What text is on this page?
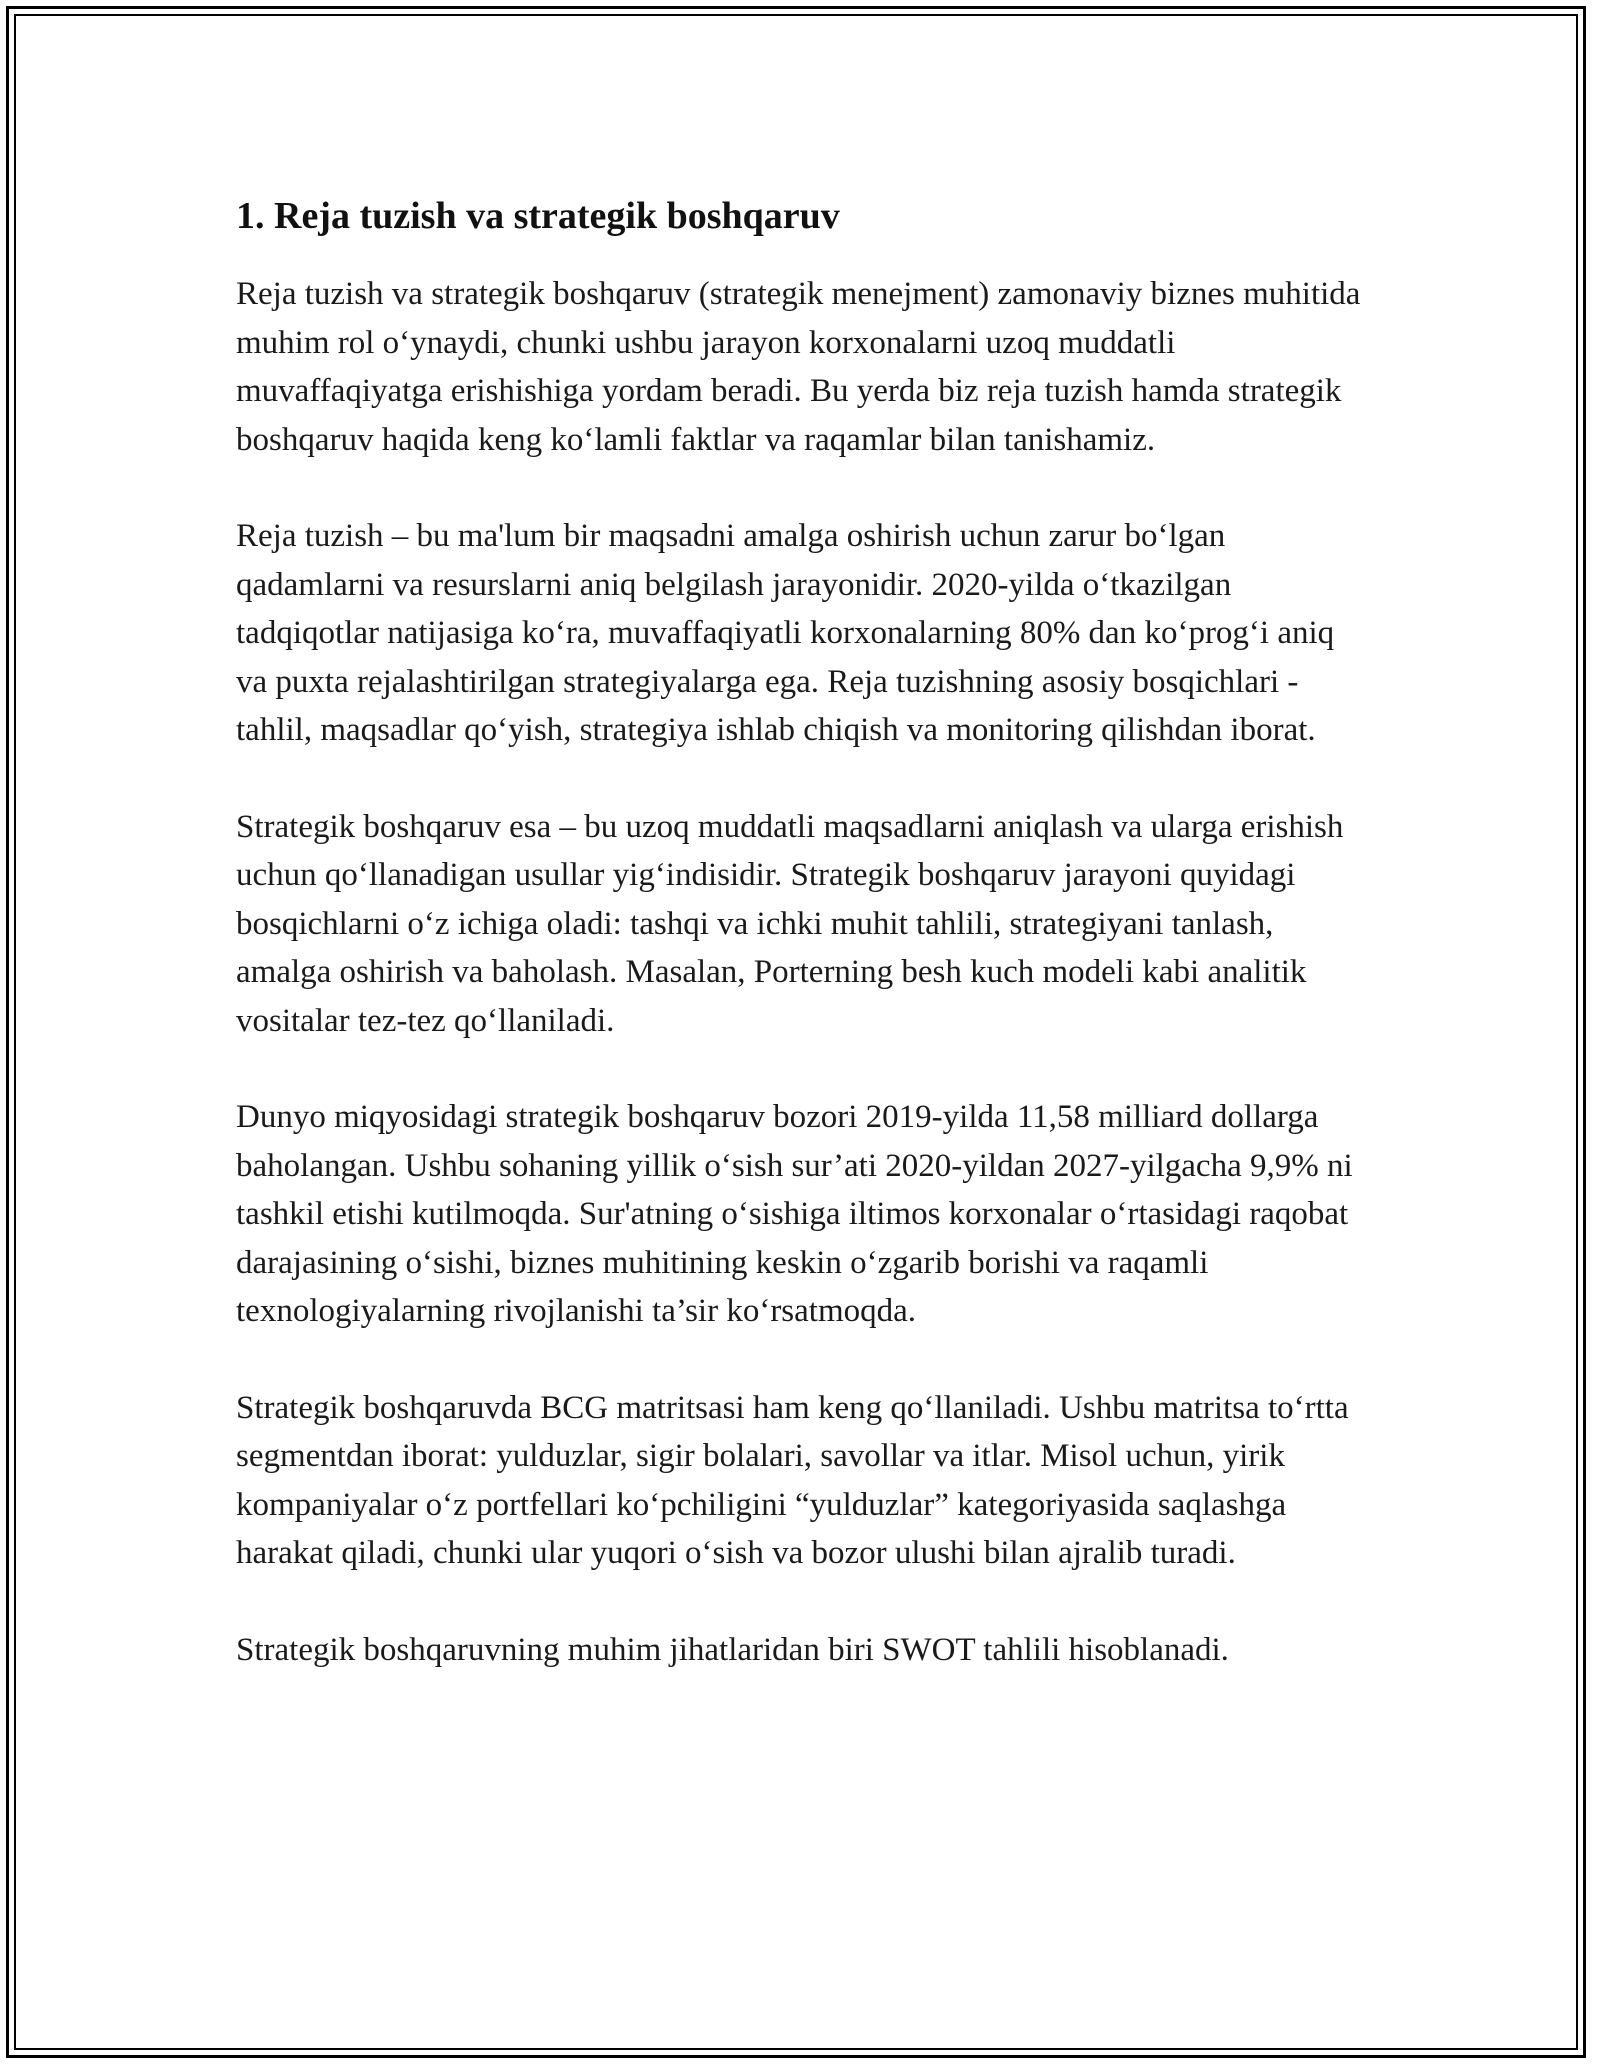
1. Reja tuzish va strategik boshqaruv

Reja tuzish va strategik boshqaruv (strategik menejment) zamonaviy biznes muhitida muhim rol o‘ynaydi, chunki ushbu jarayon korxonalarni uzoq muddatli muvaffaqiyatga erishishiga yordam beradi. Bu yerda biz reja tuzish hamda strategik boshqaruv haqida keng ko‘lamli faktlar va raqamlar bilan tanishamiz.

Reja tuzish – bu ma'lum bir maqsadni amalga oshirish uchun zarur bo‘lgan qadamlarni va resurslarni aniq belgilash jarayonidir. 2020-yilda o‘tkazilgan tadqiqotlar natijasiga ko‘ra, muvaffaqiyatli korxonalarning 80% dan ko‘prog‘i aniq va puxta rejalashtirilgan strategiyalarga ega. Reja tuzishning asosiy bosqichlari - tahlil, maqsadlar qo‘yish, strategiya ishlab chiqish va monitoring qilishdan iborat.

Strategik boshqaruv esa – bu uzoq muddatli maqsadlarni aniqlash va ularga erishish uchun qo‘llanadigan usullar yig‘indisidir. Strategik boshqaruv jarayoni quyidagi bosqichlarni o‘z ichiga oladi: tashqi va ichki muhit tahlili, strategiyani tanlash, amalga oshirish va baholash. Masalan, Porterning besh kuch modeli kabi analitik vositalar tez-tez qo‘llaniladi.

Dunyo miqyosidagi strategik boshqaruv bozori 2019-yilda 11,58 milliard dollarga baholangan. Ushbu sohaning yillik o‘sish sur’ati 2020-yildan 2027-yilgacha 9,9% ni tashkil etishi kutilmoqda. Sur'atning o‘sishiga iltimos korxonalar o‘rtasidagi raqobat darajasining o‘sishi, biznes muhitining keskin o‘zgarib borishi va raqamli texnologiyalarning rivojlanishi ta’sir ko‘rsatmoqda.

Strategik boshqaruvda BCG matritsasi ham keng qo‘llaniladi. Ushbu matritsa to‘rtta segmentdan iborat: yulduzlar, sigir bolalari, savollar va itlar. Misol uchun, yirik kompaniyalar o‘z portfellari ko‘pchiligini “yulduzlar” kategoriyasida saqlashga harakat qiladi, chunki ular yuqori o‘sish va bozor ulushi bilan ajralib turadi.

Strategik boshqaruvning muhim jihatlaridan biri SWOT tahlili hisoblanadi.
